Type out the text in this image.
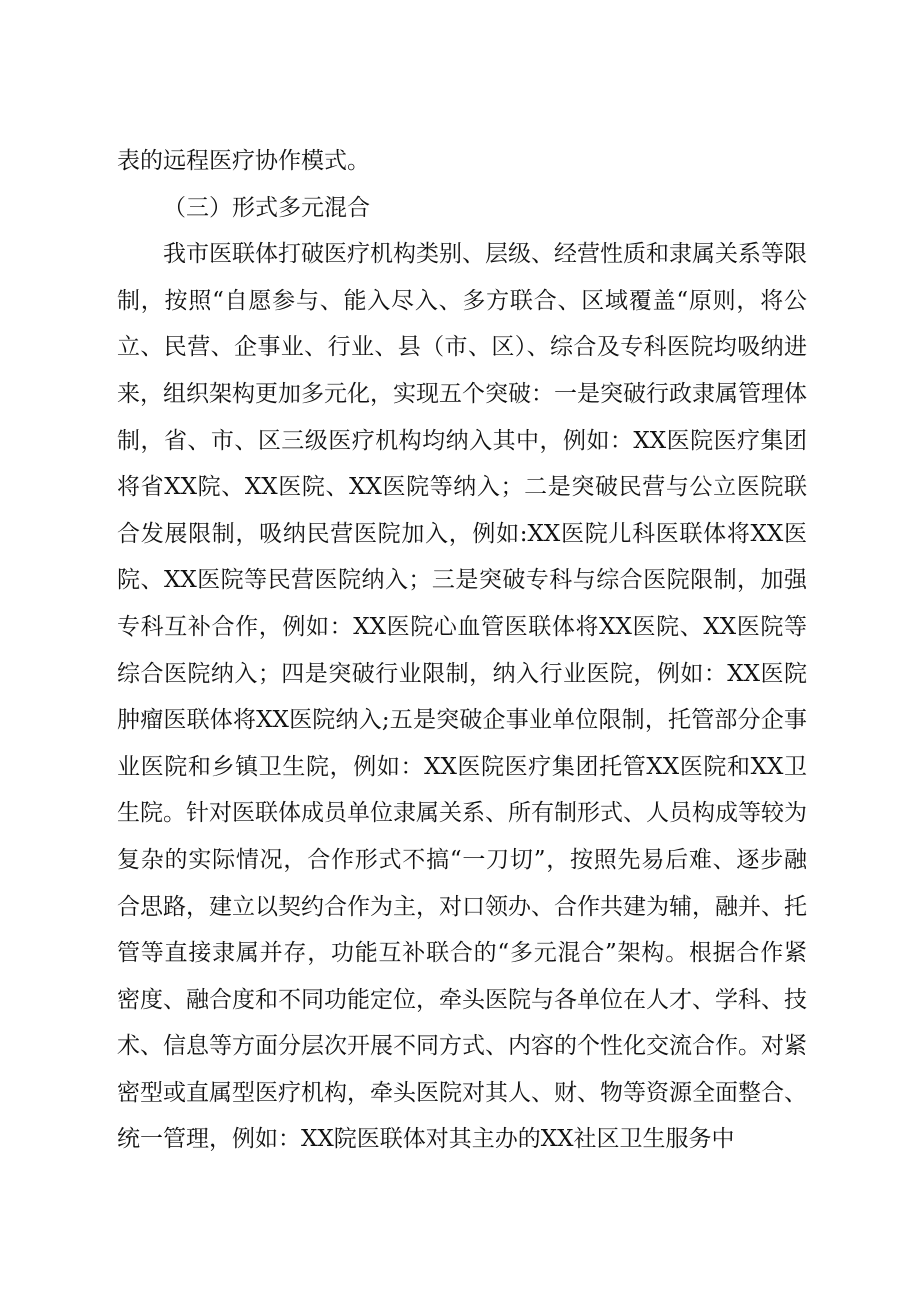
表的远程医疗协作模式。

（三）形式多元混合

我市医联体打破医疗机构类别、层级、经营性质和隶属关系等限制，按照“自愿参与、能入尽入、多方联合、区域覆盖“原则，将公立、民营、企事业、行业、县（市、区）、综合及专科医院均吸纳进来，组织架构更加多元化，实现五个突破：一是突破行政隶属管理体制，省、市、区三级医疗机构均纳入其中，例如：XX医院医疗集团将省XX院、XX医院、XX医院等纳入；二是突破民营与公立医院联合发展限制，吸纳民营医院加入，例如:XX医院儿科医联体将XX医院、XX医院等民营医院纳入；三是突破专科与综合医院限制，加强专科互补合作，例如：XX医院心血管医联体将XX医院、XX医院等综合医院纳入；四是突破行业限制，纳入行业医院，例如：XX医院肿瘤医联体将XX医院纳入;五是突破企事业单位限制，托管部分企事业医院和乡镇卫生院，例如：XX医院医疗集团托管XX医院和XX卫生院。针对医联体成员单位隶属关系、所有制形式、人员构成等较为复杂的实际情况，合作形式不搞“一刀切”，按照先易后难、逐步融合思路，建立以契约合作为主，对口领办、合作共建为辅，融并、托管等直接隶属并存，功能互补联合的“多元混合”架构。根据合作紧密度、融合度和不同功能定位，牵头医院与各单位在人才、学科、技术、信息等方面分层次开展不同方式、内容的个性化交流合作。对紧密型或直属型医疗机构，牵头医院对其人、财、物等资源全面整合、统一管理，例如：XX院医联体对其主办的XX社区卫生服务中
